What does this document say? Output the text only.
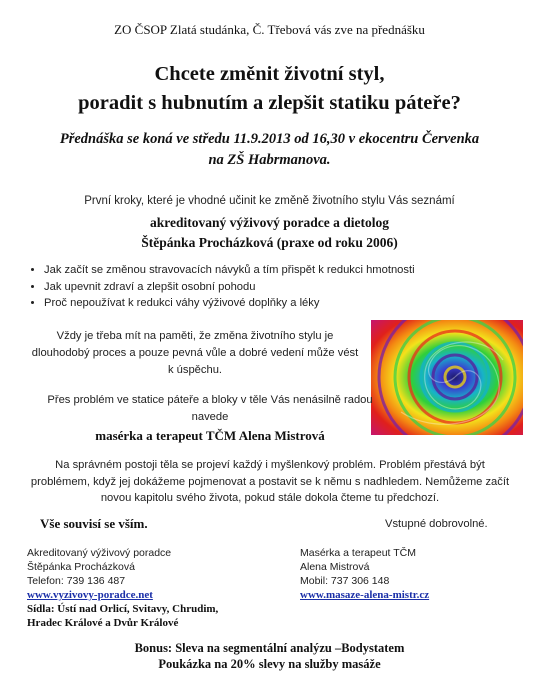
ZO ČSOP Zlatá studánka, Č. Třebová vás zve na přednášku
Chcete změnit životní styl,
poradit s hubnutím a zlepšit statiku páteře?
Přednáška se koná ve středu 11.9.2013 od 16,30 v ekocentru Červenka
na ZŠ Habrmanova.
První kroky, které je vhodné učinit ke změně životního stylu Vás seznámí
akreditovaný výživový poradce a dietolog
Štěpánka Procházková (praxe od roku 2006)
• Jak začít se změnou stravovacích návyků a tím přispět k redukci hmotnosti
• Jak upevnit zdraví a zlepšit osobní pohodu
• Proč nepoužívat k redukci váhy výživové doplňky a léky
Vždy je třeba mít na paměti, že změna životního stylu je dlouhodobý proces a pouze pevná vůle a dobré vedení může vést k úspěchu.
Přes problém ve statice páteře a bloky v těle Vás nenásilně radou navede
masérka a terapeut TČM Alena Mistrová
Na správném postoji těla se projeví každý i myšlenkový problém. Problém přestává být problémem, když jej dokážeme pojmenovat a postavit se k němu s nadhledem. Nemůžeme začít novou kapitolu svého života, pokud stále dokola čteme tu předchozí.
Vše souvisí se vším.	Vstupné dobrovolné.
Akreditovaný výživový poradce
Štěpánka Procházková
Telefon: 739 136 487
www.vyzivovy-poradce.net
Sídla: Ústí nad Orlicí, Svitavy, Chrudim,
Hradec Králové a Dvůr Králové
Masérka a terapeut TČM
Alena Mistrová
Mobil: 737 306 148
www.masaze-alena-mistr.cz
Bonus: Sleva na segmentální analýzu –Bodystatem
Poukázka na 20% slevy na služby masáže
